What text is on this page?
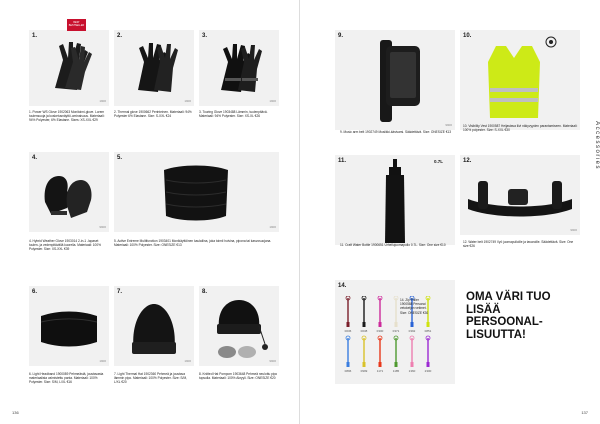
1.
1900
BEST BESTSELLER
1. Power WS Glove 1902063 Monitoimi-glove. Lorem tuulensuoja ja kosketusnäyttö-ominaisuus. Materiaali: 94% Polyester, 6% Elastane. Sizes: XS-XXL €29
2.
1900
2. Thermal glove 1900662 Perinteinen. Materiaali: 94% Polyester 6% Elastane. Size: S-XXL €24
3.
1900
3. Touring Glove 1903488 Lämmin, tuulenpitävä. Materiaali: 94% Polyester. Size: XS-XL €26
4.
9900
4. Hybrid Weather Glove 1903014 2-in-1 -lapaset tuulen- ja vedenpitävällä kuorella. Materiaali: 100% Polyester. Size: XS-XXL €39
5.
1900
5. Active Extreme Multifunction 1903401 Monikäyttöinen kaulaliina, joka toimii huivina, pipona tai kasvosuojana. Materiaali: 100% Polyester. Size: ONESIZE €13
6.
1900
6. Light Headband 1900089 Pehmeästä, joustavasta materiaalista valmistettu panta. Materiaali: 100% Polyester. Size: S/M, L/XL €16
7.
1900
7. Light Thermal Hat 1902360 Pehmeä ja joustava lämmin pipo. Materiaali: 100% Polyester. Size: S/M, L/XL €20
8.
9900
8. Knitted Hat Pompom 1903648 Pehmeä neulottu pipo tupsulla. Materiaali: 100% Akryyli. Size: ONESIZE €20
136
9.
9900
9. Music arm belt 1902749 Musiikki-käsivarsi. Säädettävä. Size: ONESIZE €13
10.
10. Visibility Vest 1900587 Heijastava liivi näkyvyyden parantamiseen. Materiaali: 100% polyester. Size: S-XXL €30
11.	0.7L
11. Craft Water Bottle 1900651 Urheilujuomapullo 0.7L. Size: One size €10
12.
9900
12. Water belt 1902749 Vyö juomapulloille ja tavaroille. Säädettävä. Size: One size €26
14.
0036	0038	0300	0371	0392	0851
0896	0999	1171	1185	1360	2300
14. Zip Puller 1900588 Personoi vetoketjun vetimet. Size: ONESIZE €30
137
Accessories
OMA VÄRI TUO
LISÄÄ
PERSOONAL-
LISUUTTA!
